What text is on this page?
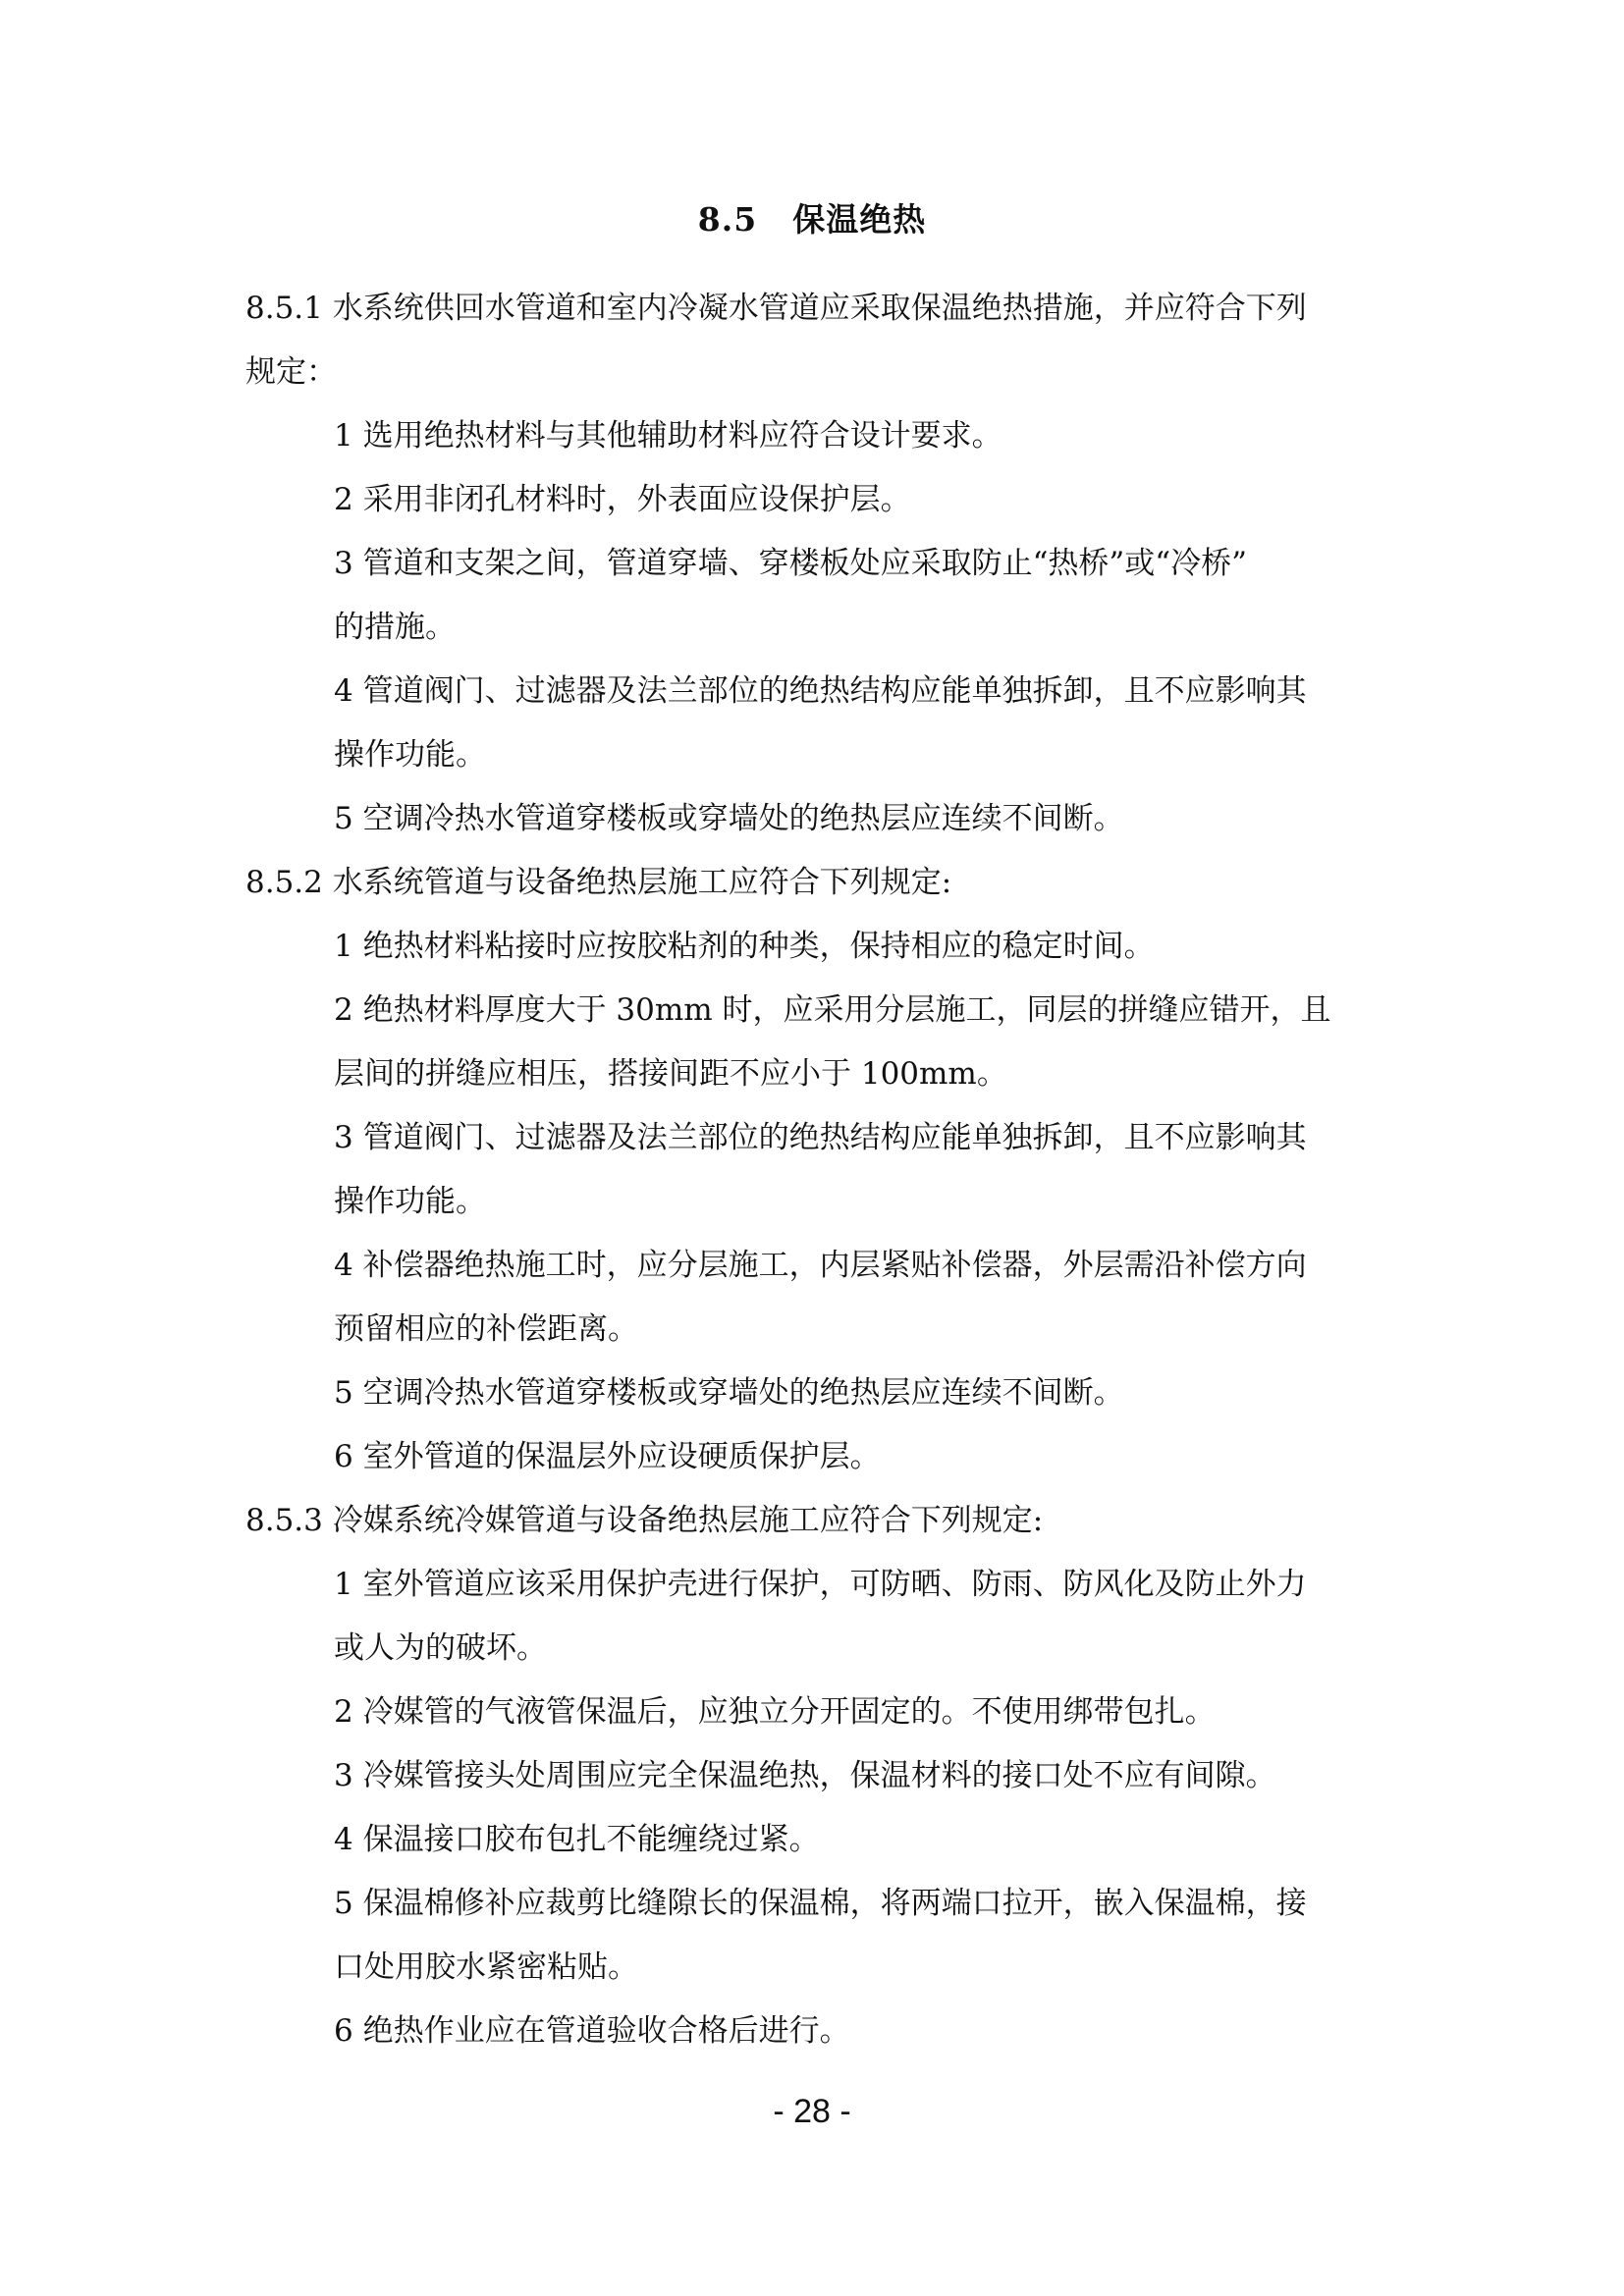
8.5 保温绝热
8.5.1 水系统供回水管道和室内冷凝水管道应采取保温绝热措施，并应符合下列
规定：
1 选用绝热材料与其他辅助材料应符合设计要求。
2 采用非闭孔材料时，外表面应设保护层。
3 管道和支架之间，管道穿墙、穿楼板处应采取防止“热桥”或“冷桥”
的措施。
4 管道阀门、过滤器及法兰部位的绝热结构应能单独拆卸，且不应影响其
操作功能。
5 空调冷热水管道穿楼板或穿墙处的绝热层应连续不间断。
8.5.2 水系统管道与设备绝热层施工应符合下列规定:
1 绝热材料粘接时应按胶粘剂的种类，保持相应的稳定时间。
2 绝热材料厚度大于 30mm 时，应采用分层施工，同层的拼缝应错开，且
层间的拼缝应相压，搭接间距不应小于 100mm。
3 管道阀门、过滤器及法兰部位的绝热结构应能单独拆卸，且不应影响其
操作功能。
4 补偿器绝热施工时，应分层施工，内层紧贴补偿器，外层需沿补偿方向
预留相应的补偿距离。
5 空调冷热水管道穿楼板或穿墙处的绝热层应连续不间断。
6 室外管道的保温层外应设硬质保护层。
8.5.3 冷媒系统冷媒管道与设备绝热层施工应符合下列规定:
1 室外管道应该采用保护壳进行保护，可防晒、防雨、防风化及防止外力
或人为的破坏。
2 冷媒管的气液管保温后，应独立分开固定的。不使用绑带包扎。
3 冷媒管接头处周围应完全保温绝热，保温材料的接口处不应有间隙。
4 保温接口胶布包扎不能缠绕过紧。
5 保温棉修补应裁剪比缝隙长的保温棉，将两端口拉开，嵌入保温棉，接
口处用胶水紧密粘贴。
6 绝热作业应在管道验收合格后进行。
- 28 -
